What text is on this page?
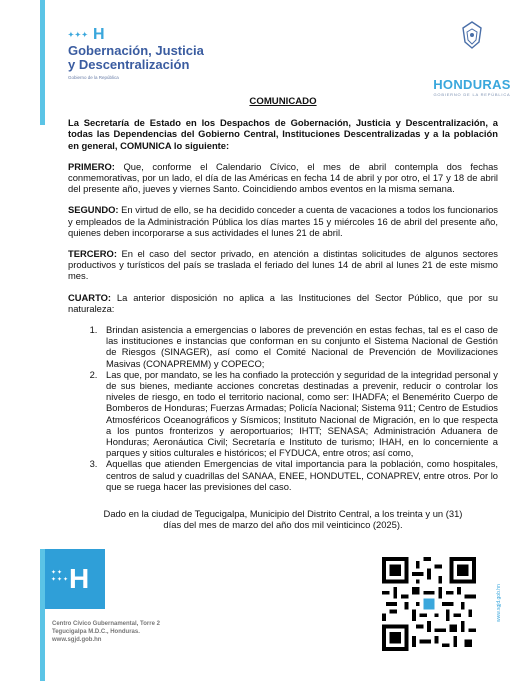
✦✦✦ H
Gobernación, Justicia
y Descentralización
Gobierno de la República	HONDURAS
GOBIERNO DE LA REPÚBLICA
COMUNICADO

La Secretaría de Estado en los Despachos de Gobernación, Justicia y Descentralización, a todas las Dependencias del Gobierno Central, Instituciones Descentralizadas y a la población en general, COMUNICA lo siguiente:

PRIMERO: Que, conforme el Calendario Cívico, el mes de abril contempla dos fechas conmemorativas, por un lado, el día de las Américas en fecha 14 de abril y por otro, el 17 y 18 de abril del presente año, jueves y viernes Santo. Coincidiendo ambos eventos en la misma semana.

SEGUNDO: En virtud de ello, se ha decidido conceder a cuenta de vacaciones a todos los funcionarios y empleados de la Administración Pública los días martes 15 y miércoles 16 de abril del presente año, quienes deben incorporarse a sus actividades el lunes 21 de abril.

TERCERO: En el caso del sector privado, en atención a distintas solicitudes de algunos sectores productivos y turísticos del país se traslada el feriado del lunes 14 de abril al lunes 21 de este mismo mes.

CUARTO: La anterior disposición no aplica a las Instituciones del Sector Público, que por su naturaleza:

1. Brindan asistencia a emergencias o labores de prevención en estas fechas, tal es el caso de las instituciones e instancias que conforman en su conjunto el Sistema Nacional de Gestión de Riesgos (SINAGER), así como el Comité Nacional de Prevención de Movilizaciones Masivas (CONAPREMM) y COPECO;
2. Las que, por mandato, se les ha confiado la protección y seguridad de la integridad personal y de sus bienes, mediante acciones concretas destinadas a prevenir, reducir o controlar los niveles de riesgo, en todo el territorio nacional, como ser: IHADFA; el Benemérito Cuerpo de Bomberos de Honduras; Fuerzas Armadas; Policía Nacional; Sistema 911; Centro de Estudios Atmosféricos Oceanográficos y Sísmicos; Instituto Nacional de Migración, en lo que respecta a los puntos fronterizos y aeroportuarios; IHTT; SENASA; Administración Aduanera de Honduras; Aeronáutica Civil; Secretaría e Instituto de turismo; IHAH, en lo concerniente a parques y sitios culturales e históricos; el FYDUCA, entre otros; así como,
3. Aquellas que atienden Emergencias de vital importancia para la población, como hospitales, centros de salud y cuadrillas del SANAA, ENEE, HONDUTEL, CONAPREV, entre otros. Por lo que se ruega hacer las previsiones del caso.

Dado en la ciudad de Tegucigalpa, Municipio del Distrito Central, a los treinta y un (31) días del mes de marzo del año dos mil veinticinco (2025).

✦✦
✦✦✦ H
Centro Cívico Gubernamental, Torre 2
Tegucigalpa M.D.C., Honduras.
www.sgjd.gob.hn
www.sgjd.gob.hn
